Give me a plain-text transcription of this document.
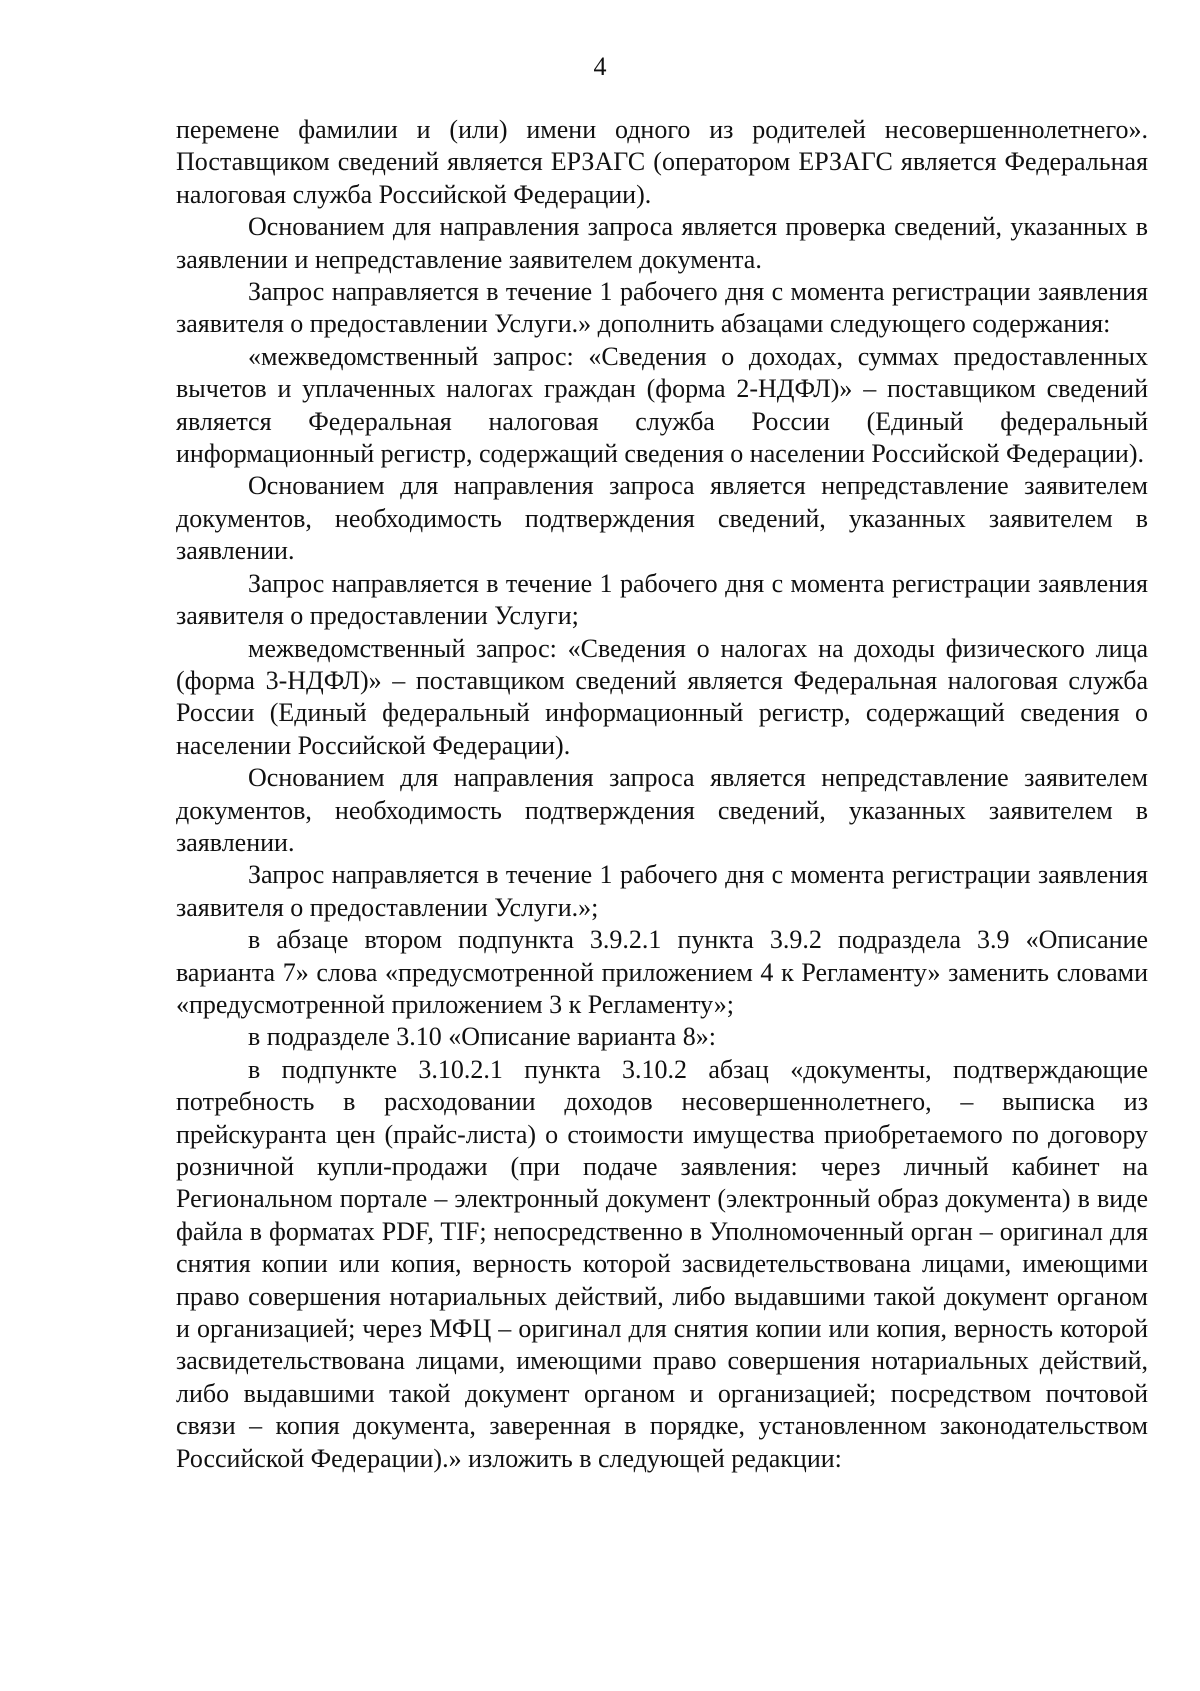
4

перемене фамилии и (или) имени одного из родителей несовершеннолетнего». Поставщиком сведений является ЕРЗАГС (оператором ЕРЗАГС является Федеральная налоговая служба Российской Федерации).

Основанием для направления запроса является проверка сведений, указанных в заявлении и непредставление заявителем документа.

Запрос направляется в течение 1 рабочего дня с момента регистрации заявления заявителя о предоставлении Услуги.» дополнить абзацами следующего содержания:

«межведомственный запрос: «Сведения о доходах, суммах предоставленных вычетов и уплаченных налогах граждан (форма 2-НДФЛ)» – поставщиком сведений является Федеральная налоговая служба России (Единый федеральный информационный регистр, содержащий сведения о населении Российской Федерации).

Основанием для направления запроса является непредставление заявителем документов, необходимость подтверждения сведений, указанных заявителем в заявлении.

Запрос направляется в течение 1 рабочего дня с момента регистрации заявления заявителя о предоставлении Услуги;

межведомственный запрос: «Сведения о налогах на доходы физического лица (форма 3-НДФЛ)» – поставщиком сведений является Федеральная налоговая служба России (Единый федеральный информационный регистр, содержащий сведения о населении Российской Федерации).

Основанием для направления запроса является непредставление заявителем документов, необходимость подтверждения сведений, указанных заявителем в заявлении.

Запрос направляется в течение 1 рабочего дня с момента регистрации заявления заявителя о предоставлении Услуги.»;

в абзаце втором подпункта 3.9.2.1 пункта 3.9.2 подраздела 3.9 «Описание варианта 7» слова «предусмотренной приложением 4 к Регламенту» заменить словами «предусмотренной приложением 3 к Регламенту»;

в подразделе 3.10 «Описание варианта 8»:

в подпункте 3.10.2.1 пункта 3.10.2 абзац «документы, подтверждающие потребность в расходовании доходов несовершеннолетнего, – выписка из прейскуранта цен (прайс-листа) о стоимости имущества приобретаемого по договору розничной купли-продажи (при подаче заявления: через личный кабинет на Региональном портале – электронный документ (электронный образ документа) в виде файла в форматах PDF, TIF; непосредственно в Уполномоченный орган – оригинал для снятия копии или копия, верность которой засвидетельствована лицами, имеющими право совершения нотариальных действий, либо выдавшими такой документ органом и организацией; через МФЦ – оригинал для снятия копии или копия, верность которой засвидетельствована лицами, имеющими право совершения нотариальных действий, либо выдавшими такой документ органом и организацией; посредством почтовой связи – копия документа, заверенная в порядке, установленном законодательством Российской Федерации).» изложить в следующей редакции:
